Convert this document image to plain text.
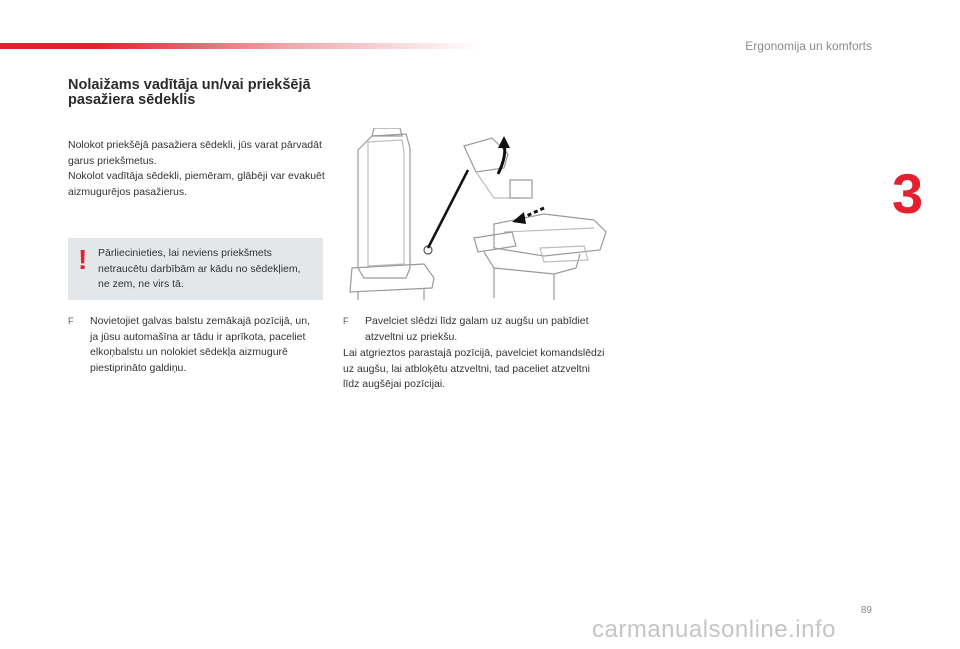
Ergonomija un komforts
3
Nolaižams vadītāja un/vai priekšējā pasažiera sēdeklis

Nolokot priekšējā pasažiera sēdekli, jūs varat pārvadāt garus priekšmetus.

Nokolot vadītāja sēdekli, piemēram, glābēji var evakuēt aizmugurējos pasažierus.

! Pārliecinieties, lai neviens priekšmets netraucētu darbībām ar kādu no sēdekļiem, ne zem, ne virs tā.
F	Novietojiet galvas balstu zemākajā pozīcijā, un, ja jūsu automašīna ar tādu ir aprīkota, paceliet elkoņbalstu un nolokiet sēdekļa aizmugurē piestiprināto galdiņu.
F	Pavelciet slēdzi līdz galam uz augšu un pabīdiet atzveltni uz priekšu.
Lai atgrieztos parastajā pozīcijā, pavelciet komandslēdzi uz augšu, lai atbloķētu atzveltni, tad paceliet atzveltni līdz augšējai pozīcijai.
89
carmanualsonline.info
